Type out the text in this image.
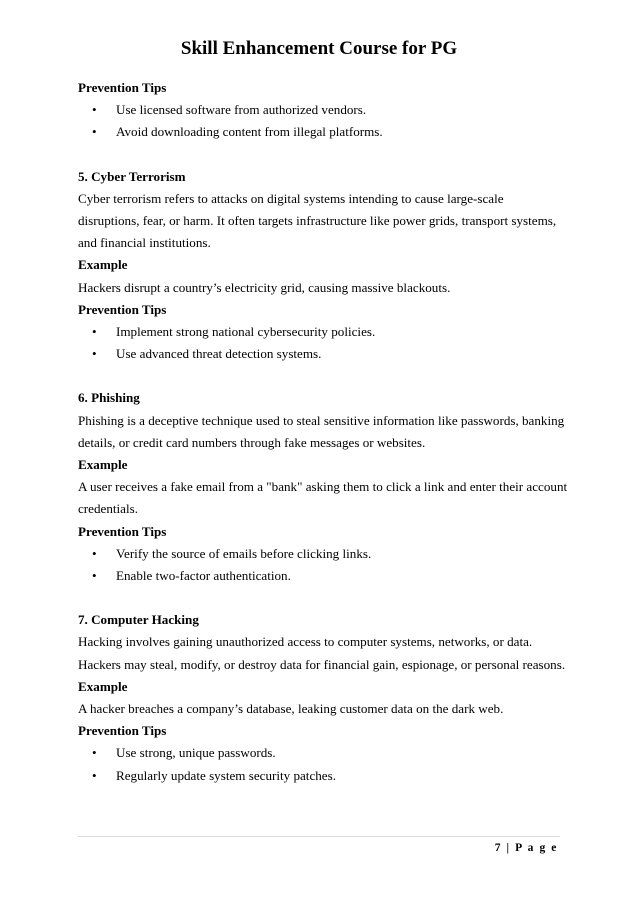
Skill Enhancement Course for PG

Prevention Tips

• Use licensed software from authorized vendors.
• Avoid downloading content from illegal platforms.

5. Cyber Terrorism

Cyber terrorism refers to attacks on digital systems intending to cause large-scale disruptions, fear, or harm. It often targets infrastructure like power grids, transport systems, and financial institutions.

Example

Hackers disrupt a country’s electricity grid, causing massive blackouts.

Prevention Tips

• Implement strong national cybersecurity policies.
• Use advanced threat detection systems.

6. Phishing

Phishing is a deceptive technique used to steal sensitive information like passwords, banking details, or credit card numbers through fake messages or websites.

Example

A user receives a fake email from a "bank" asking them to click a link and enter their account credentials.

Prevention Tips

• Verify the source of emails before clicking links.
• Enable two-factor authentication.

7. Computer Hacking

Hacking involves gaining unauthorized access to computer systems, networks, or data. Hackers may steal, modify, or destroy data for financial gain, espionage, or personal reasons.

Example

A hacker breaches a company’s database, leaking customer data on the dark web.

Prevention Tips

• Use strong, unique passwords.
• Regularly update system security patches.
7 | P a g e
